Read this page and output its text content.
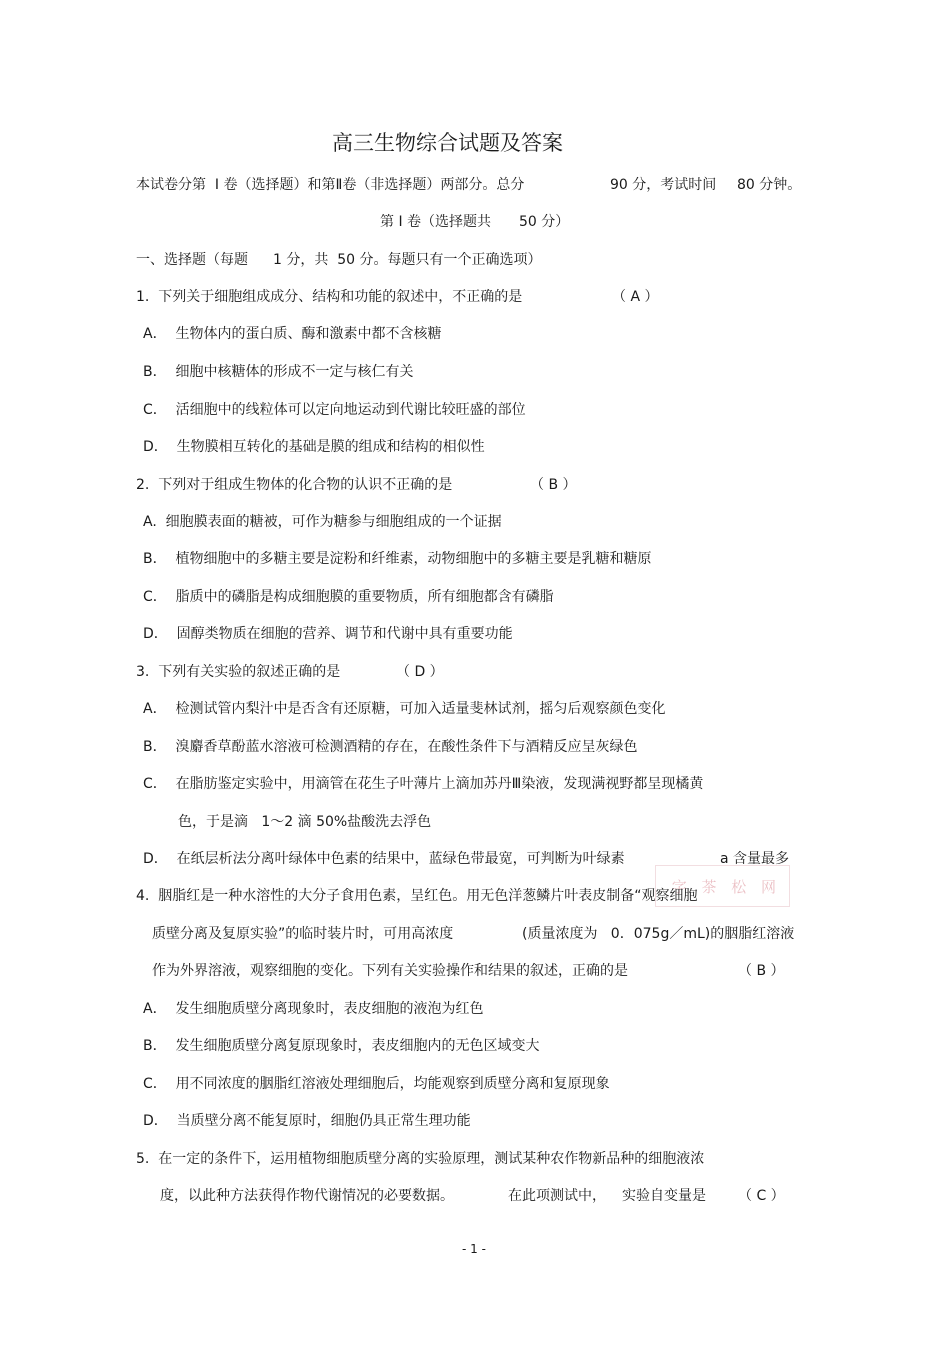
高三生物综合试题及答案
本试卷分第  Ⅰ 卷（选择题）和第Ⅱ卷（非选择题）两部分。总分	90 分，考试时间 80 分钟。
第 Ⅰ 卷（选择题共 50 分）
一、选择题（每题 1 分，共  50 分。每题只有一个正确选项）
1.  下列关于细胞组成成分、结构和功能的叙述中，不正确的是	（ A ）
A．  生物体内的蛋白质、酶和激素中都不含核糖
B．  细胞中核糖体的形成不一定与核仁有关
C．  活细胞中的线粒体可以定向地运动到代谢比较旺盛的部位
D．  生物膜相互转化的基础是膜的组成和结构的相似性
2.  下列对于组成生物体的化合物的认识不正确的是	（ B ）
A.  细胞膜表面的糖被，可作为糖参与细胞组成的一个证据
B．  植物细胞中的多糖主要是淀粉和纤维素，动物细胞中的多糖主要是乳糖和糖原
C．  脂质中的磷脂是构成细胞膜的重要物质，所有细胞都含有磷脂
D．  固醇类物质在细胞的营养、调节和代谢中具有重要功能
3.  下列有关实验的叙述正确的是	（ D ）
A．  检测试管内梨汁中是否含有还原糖，可加入适量斐林试剂，摇匀后观察颜色变化
B．  溴麝香草酚蓝水溶液可检测酒精的存在，在酸性条件下与酒精反应呈灰绿色
C．  在脂肪鉴定实验中，用滴管在花生子叶薄片上滴加苏丹Ⅲ染液，发现满视野都呈现橘黄
色，于是滴   1～2 滴 50%盐酸洗去浮色
D．  在纸层析法分离叶绿体中色素的结果中，蓝绿色带最宽，可判断为叶绿素	a 含量最多
字 茶 松 网
4.  胭脂红是一种水溶性的大分子食用色素，呈红色。用无色洋葱鳞片叶表皮制备“观察细胞
质壁分离及复原实验”的临时装片时，可用高浓度	(质量浓度为   0．075g／mL)的胭脂红溶液
作为外界溶液，观察细胞的变化。下列有关实验操作和结果的叙述，正确的是	（ B ）
A．  发生细胞质壁分离现象时，表皮细胞的液泡为红色
B．  发生细胞质壁分离复原现象时，表皮细胞内的无色区域变大
C．  用不同浓度的胭脂红溶液处理细胞后，均能观察到质壁分离和复原现象
D．  当质壁分离不能复原时，细胞仍具正常生理功能
5.  在一定的条件下，运用植物细胞质壁分离的实验原理，测试某种农作物新品种的细胞液浓
度，以此种方法获得作物代谢情况的必要数据。	在此项测试中， 实验自变量是 （ C ）
- 1 -
